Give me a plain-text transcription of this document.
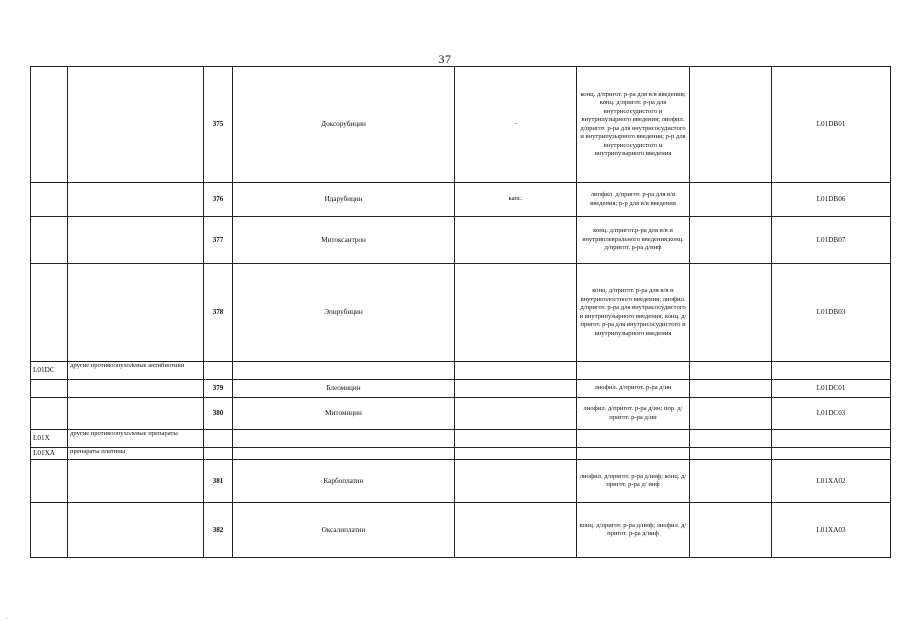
37
		375	Доксорубицин	-	конц. д/пригот. р-ра для в/в введения; конц. д/пригот. р-ра для внутрисосудистого и внутрипузырного введения; лиофил. д/пригот. р-ра для внутрисосудистого и внутрипузырного введения; р-р для внутрисосудистого и внутрипузырного введения		L01DB01
		376	Идарубицин	капс.	лиофил. д/пригот. р-ра для в/в введения; р-р для в/в введения		L01DB06
		377	Митоксантрон		конц. д/пригот.р-ра для в/в и внутриплеврального введения;конц. д/пригот. р-ра д/инф		L01DB07
		378	Эпирубицин		конц. д/пригот. р-ра для в/в и внутриполостного введения; лиофил. д/пригот. р-ра для внутрисосудистого и внутрипузырного введения; конц. д/пригот. р-ра для внутрисосудистого и внутрипузырного введения		L01DB03
L01DC	другие противоопухолевые антибиотики						
		379	Блеомицин		лиофил. д/пригот. р-ра д/ин		L01DC01
		380	Митомицин		лиофил. д/пригот. р-ра д/ин; пор. д/пригот. р-ра д/ин		L01DC03
L01X	другие противоопухолевые препараты						
L01XA	препараты платины						
		381	Карбоплатин		лиофил. д/пригот. р-ра д/инф; конц. д/пригот. р-ра д/ инф		L01XA02
		382	Оксалиплатин		конц. д/пригот. р-ра д/инф; лиофил. д/пригот. р-ра д/инф		L01XA03
·
